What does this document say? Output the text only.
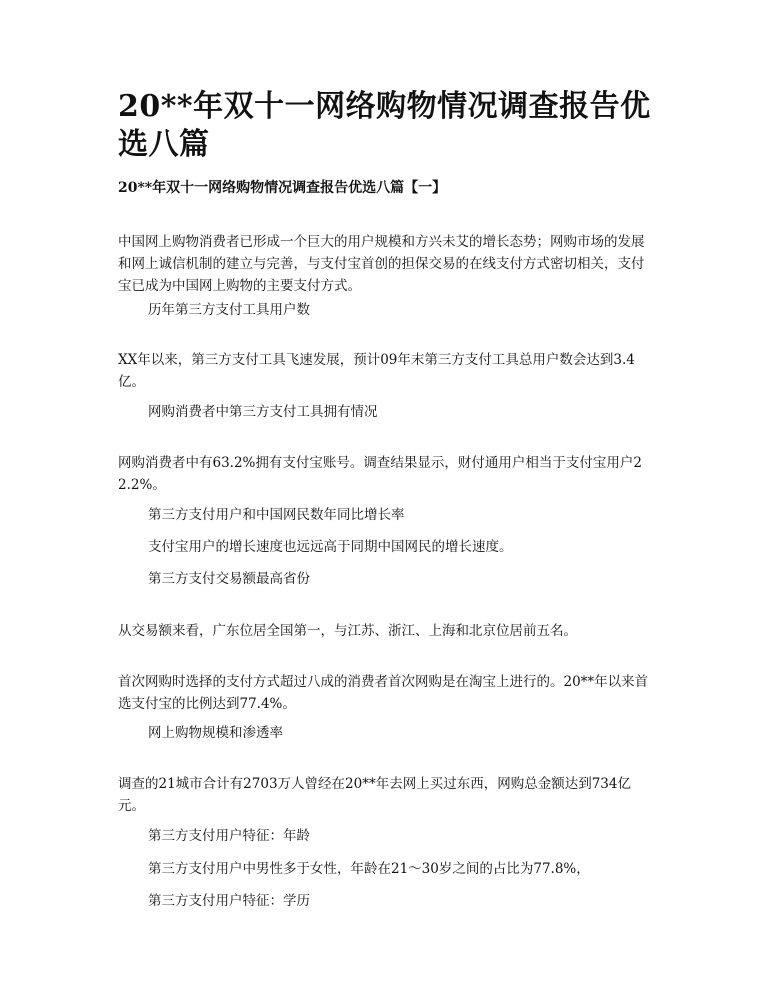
20**年双十一网络购物情况调查报告优选八篇
20**年双十一网络购物情况调查报告优选八篇【一】

中国网上购物消费者已形成一个巨大的用户规模和方兴未艾的增长态势；网购市场的发展和网上诚信机制的建立与完善，与支付宝首创的担保交易的在线支付方式密切相关，支付宝已成为中国网上购物的主要支付方式。

历年第三方支付工具用户数

XX年以来，第三方支付工具飞速发展，预计09年末第三方支付工具总用户数会达到3.4亿。

网购消费者中第三方支付工具拥有情况

网购消费者中有63.2%拥有支付宝账号。调查结果显示，财付通用户相当于支付宝用户22.2%。

第三方支付用户和中国网民数年同比增长率

支付宝用户的增长速度也远远高于同期中国网民的增长速度。

第三方支付交易额最高省份

从交易额来看，广东位居全国第一，与江苏、浙江、上海和北京位居前五名。

首次网购时选择的支付方式超过八成的消费者首次网购是在淘宝上进行的。20**年以来首选支付宝的比例达到77.4%。

网上购物规模和渗透率

调查的21城市合计有2703万人曾经在20**年去网上买过东西，网购总金额达到734亿元。

第三方支付用户特征：年龄

第三方支付用户中男性多于女性，年龄在21～30岁之间的占比为77.8%，

第三方支付用户特征：学历
